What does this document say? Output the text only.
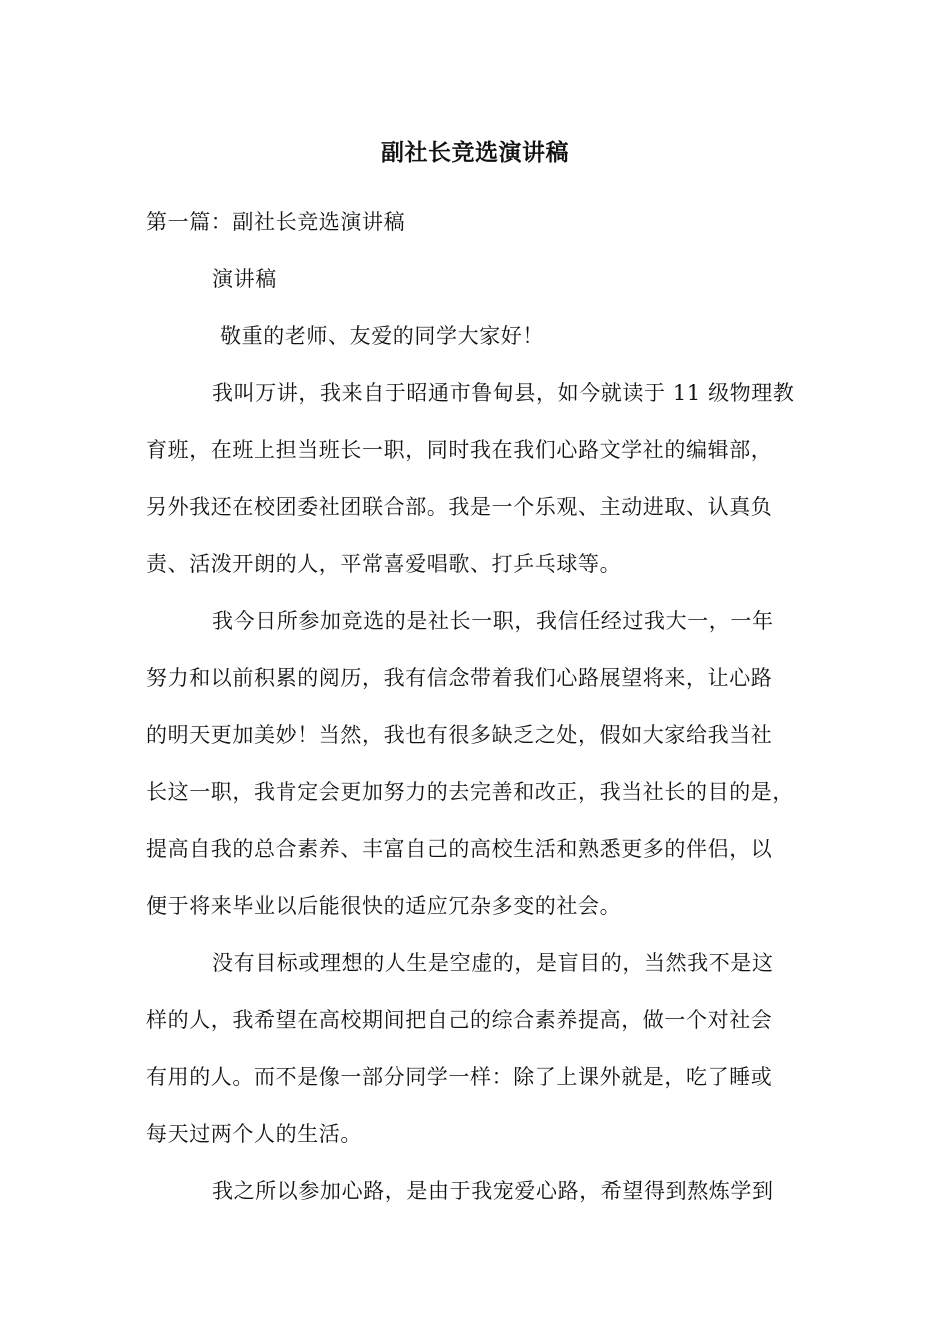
副社长竞选演讲稿
第一篇：副社长竞选演讲稿
演讲稿
敬重的老师、友爱的同学大家好！
我叫万讲，我来自于昭通市鲁甸县，如今就读于 11 级物理教
育班，在班上担当班长一职，同时我在我们心路文学社的编辑部，
另外我还在校团委社团联合部。我是一个乐观、主动进取、认真负
责、活泼开朗的人，平常喜爱唱歌、打乒乓球等。
我今日所参加竞选的是社长一职，我信任经过我大一，一年
努力和以前积累的阅历，我有信念带着我们心路展望将来，让心路
的明天更加美妙！当然，我也有很多缺乏之处，假如大家给我当社
长这一职，我肯定会更加努力的去完善和改正，我当社长的目的是，
提高自我的总合素养、丰富自己的高校生活和熟悉更多的伴侣，以
便于将来毕业以后能很快的适应冗杂多变的社会。
没有目标或理想的人生是空虚的，是盲目的，当然我不是这
样的人，我希望在高校期间把自己的综合素养提高，做一个对社会
有用的人。而不是像一部分同学一样：除了上课外就是，吃了睡或
每天过两个人的生活。
我之所以参加心路，是由于我宠爱心路，希望得到熬炼学到
